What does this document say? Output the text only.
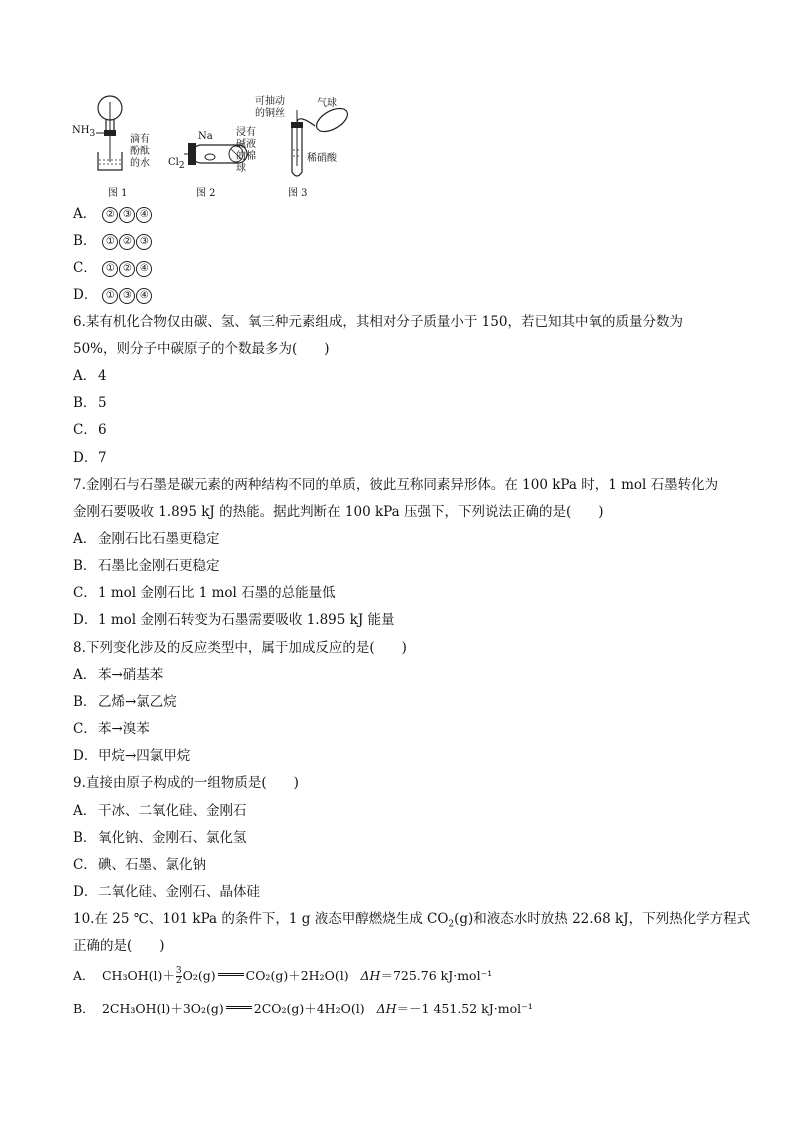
$NH_3$	滴有
酚酞
的水
图 1
Na
$Cl_2$
浸有
碱液
的棉
球
图 2
可抽动
的铜丝
气球
稀硝酸
图 3
A． ② ③ ④
B． ① ② ③
C． ① ② ④
D． ① ③ ④
6.某有机化合物仅由碳、氢、氧三种元素组成，其相对分子质量小于 150，若已知其中氧的质量分数为
50%，则分子中碳原子的个数最多为(　　)
A． 4
B． 5
C．6
D．7
7.金刚石与石墨是碳元素的两种结构不同的单质，彼此互称同素异形体。在 100 kPa 时，1 mol 石墨转化为
金刚石要吸收 1.895 kJ 的热能。据此判断在 100 kPa 压强下，下列说法正确的是(　　)
A． 金刚石比石墨更稳定
B． 石墨比金刚石更稳定
C．1 mol 金刚石比 1 mol 石墨的总能量低
D．1 mol 金刚石转变为石墨需要吸收 1.895 kJ 能量
8.下列变化涉及的反应类型中，属于加成反应的是(　　)
A． 苯→硝基苯
B． 乙烯→氯乙烷
C．苯→溴苯
D．甲烷→四氯甲烷
9.直接由原子构成的一组物质是(　　)
A． 干冰、二氧化硅、金刚石
B． 氧化钠、金刚石、氯化氢
C．碘、石墨、氯化钠
D．二氧化硅、金刚石、晶体硅
10.在 25 ℃、101 kPa 的条件下，1 g 液态甲醇燃烧生成 $CO_2(g)$和液态水时放热 22.68 kJ，下列热化学方程式
正确的是(　　)
A． $CH_3OH(l)+ \frac{3}{2} O_2(g)$ CO₂(g)＋2H₂O(l) ΔH＝725.76 kJ·mol⁻¹
B． 2CH₃OH(l)＋3O₂(g) 2CO₂(g)＋4H₂O(l) ΔH＝－1 451.52 kJ·mol⁻¹
